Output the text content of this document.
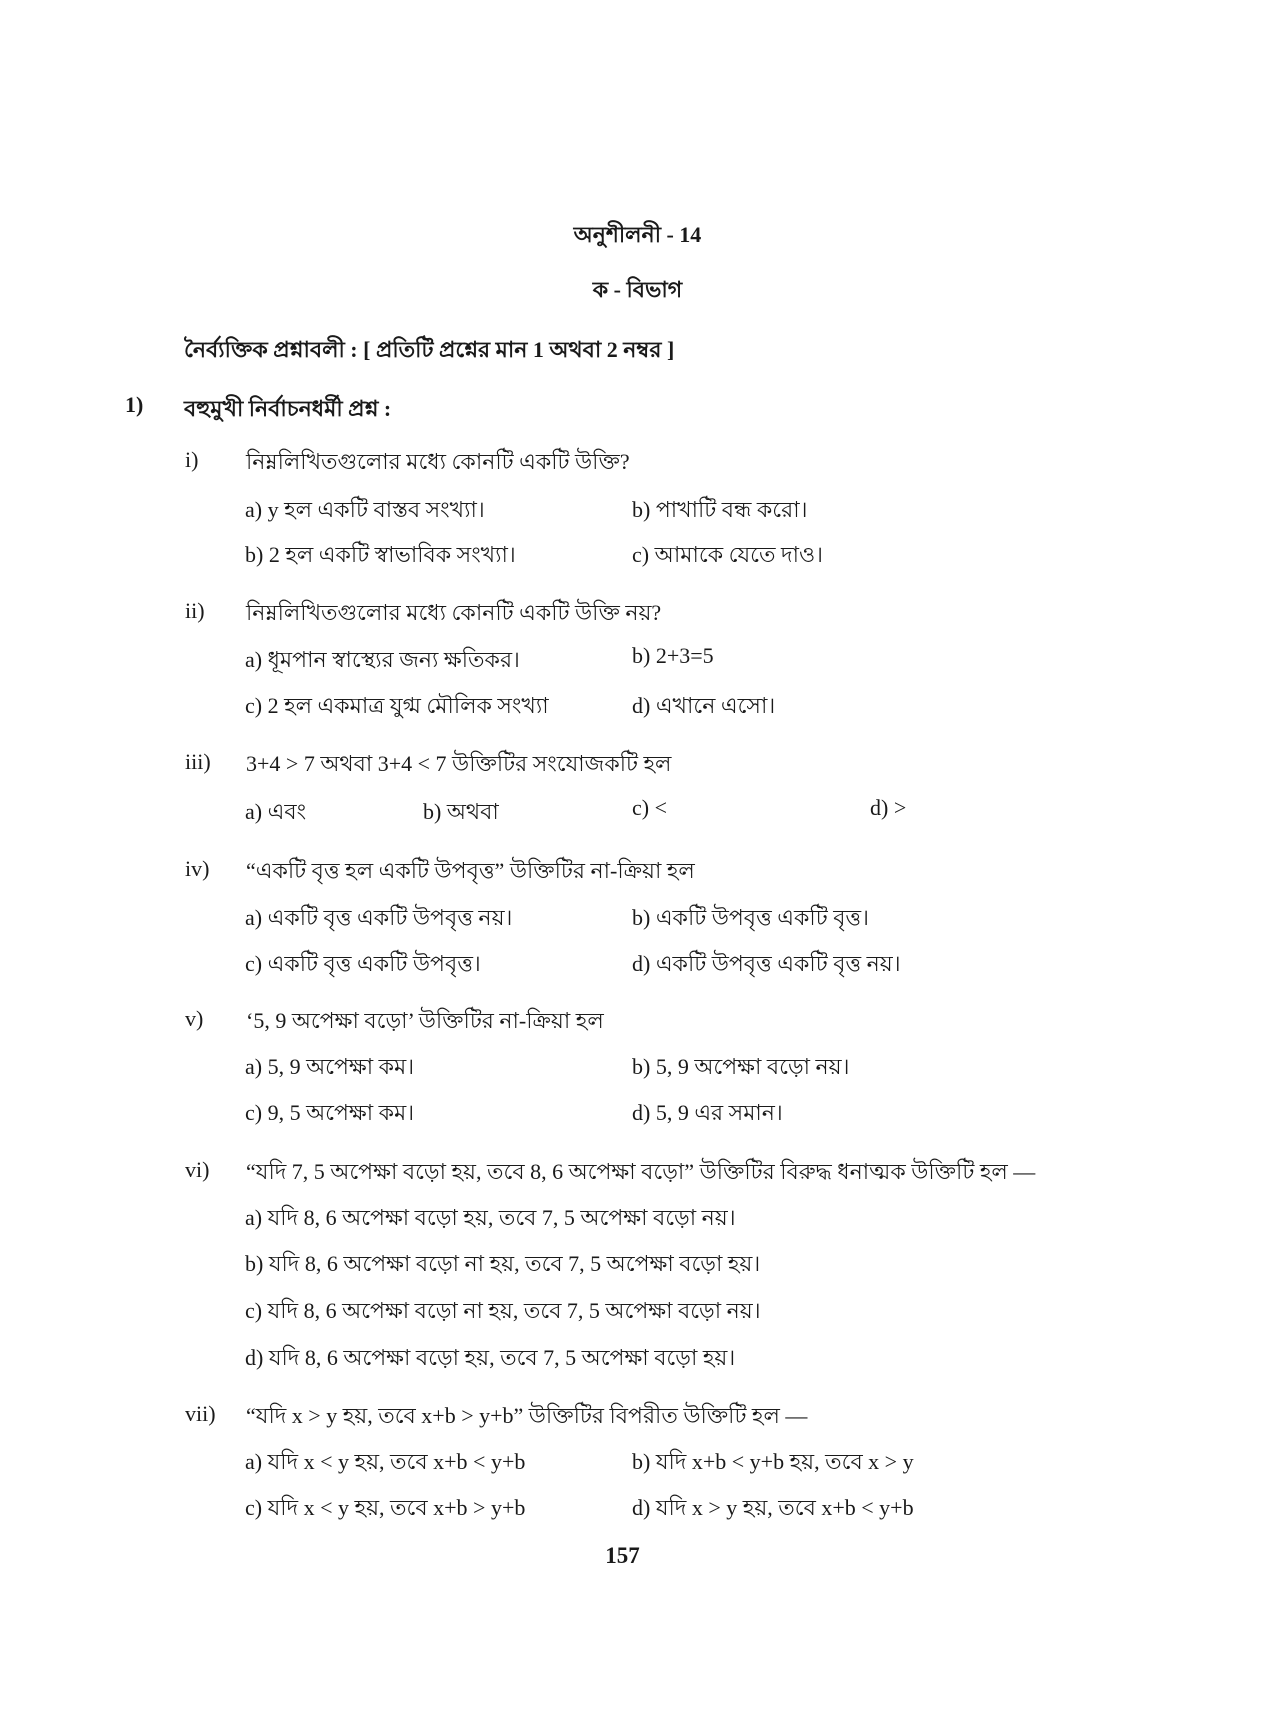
অনুশীলনী - 14
ক - বিভাগ
নৈর্ব্যক্তিক প্রশ্নাবলী : [ প্রতিটি প্রশ্নের মান 1 অথবা 2 নম্বর ]
1) বহুমুখী নির্বাচনধর্মী প্রশ্ন :
i) নিম্নলিখিতগুলোর মধ্যে কোনটি একটি উক্তি?
a) y হল একটি বাস্তব সংখ্যা।	b) পাখাটি বন্ধ করো।
b) 2 হল একটি স্বাভাবিক সংখ্যা।	c) আমাকে যেতে দাও।
ii) নিম্নলিখিতগুলোর মধ্যে কোনটি একটি উক্তি নয়?
a) ধূমপান স্বাস্থ্যের জন্য ক্ষতিকর।	b) 2+3=5
c) 2 হল একমাত্র যুগ্ম মৌলিক সংখ্যা	d) এখানে এসো।
iii) 3+4 > 7 অথবা 3+4 < 7 উক্তিটির সংযোজকটি হল
a) এবং	b) অথবা	c) <	d) >
iv) “একটি বৃত্ত হল একটি উপবৃত্ত” উক্তিটির না-ক্রিয়া হল
a) একটি বৃত্ত একটি উপবৃত্ত নয়।	b) একটি উপবৃত্ত একটি বৃত্ত।
c) একটি বৃত্ত একটি উপবৃত্ত।	d) একটি উপবৃত্ত একটি বৃত্ত নয়।
v) ‘5, 9 অপেক্ষা বড়ো’ উক্তিটির না-ক্রিয়া হল
a) 5, 9 অপেক্ষা কম।	b) 5, 9 অপেক্ষা বড়ো নয়।
c) 9, 5 অপেক্ষা কম।	d) 5, 9 এর সমান।
vi) “যদি 7, 5 অপেক্ষা বড়ো হয়, তবে 8, 6 অপেক্ষা বড়ো” উক্তিটির বিরুদ্ধ ধনাত্মক উক্তিটি হল —
a) যদি 8, 6 অপেক্ষা বড়ো হয়, তবে 7, 5 অপেক্ষা বড়ো নয়।
b) যদি 8, 6 অপেক্ষা বড়ো না হয়, তবে 7, 5 অপেক্ষা বড়ো হয়।
c) যদি 8, 6 অপেক্ষা বড়ো না হয়, তবে 7, 5 অপেক্ষা বড়ো নয়।
d) যদি 8, 6 অপেক্ষা বড়ো হয়, তবে 7, 5 অপেক্ষা বড়ো হয়।
vii) “যদি x > y হয়, তবে x+b > y+b” উক্তিটির বিপরীত উক্তিটি হল —
a) যদি x < y হয়, তবে x+b < y+b	b) যদি x+b < y+b হয়, তবে x > y
c) যদি x < y হয়, তবে x+b > y+b	d) যদি x > y হয়, তবে x+b < y+b
157
